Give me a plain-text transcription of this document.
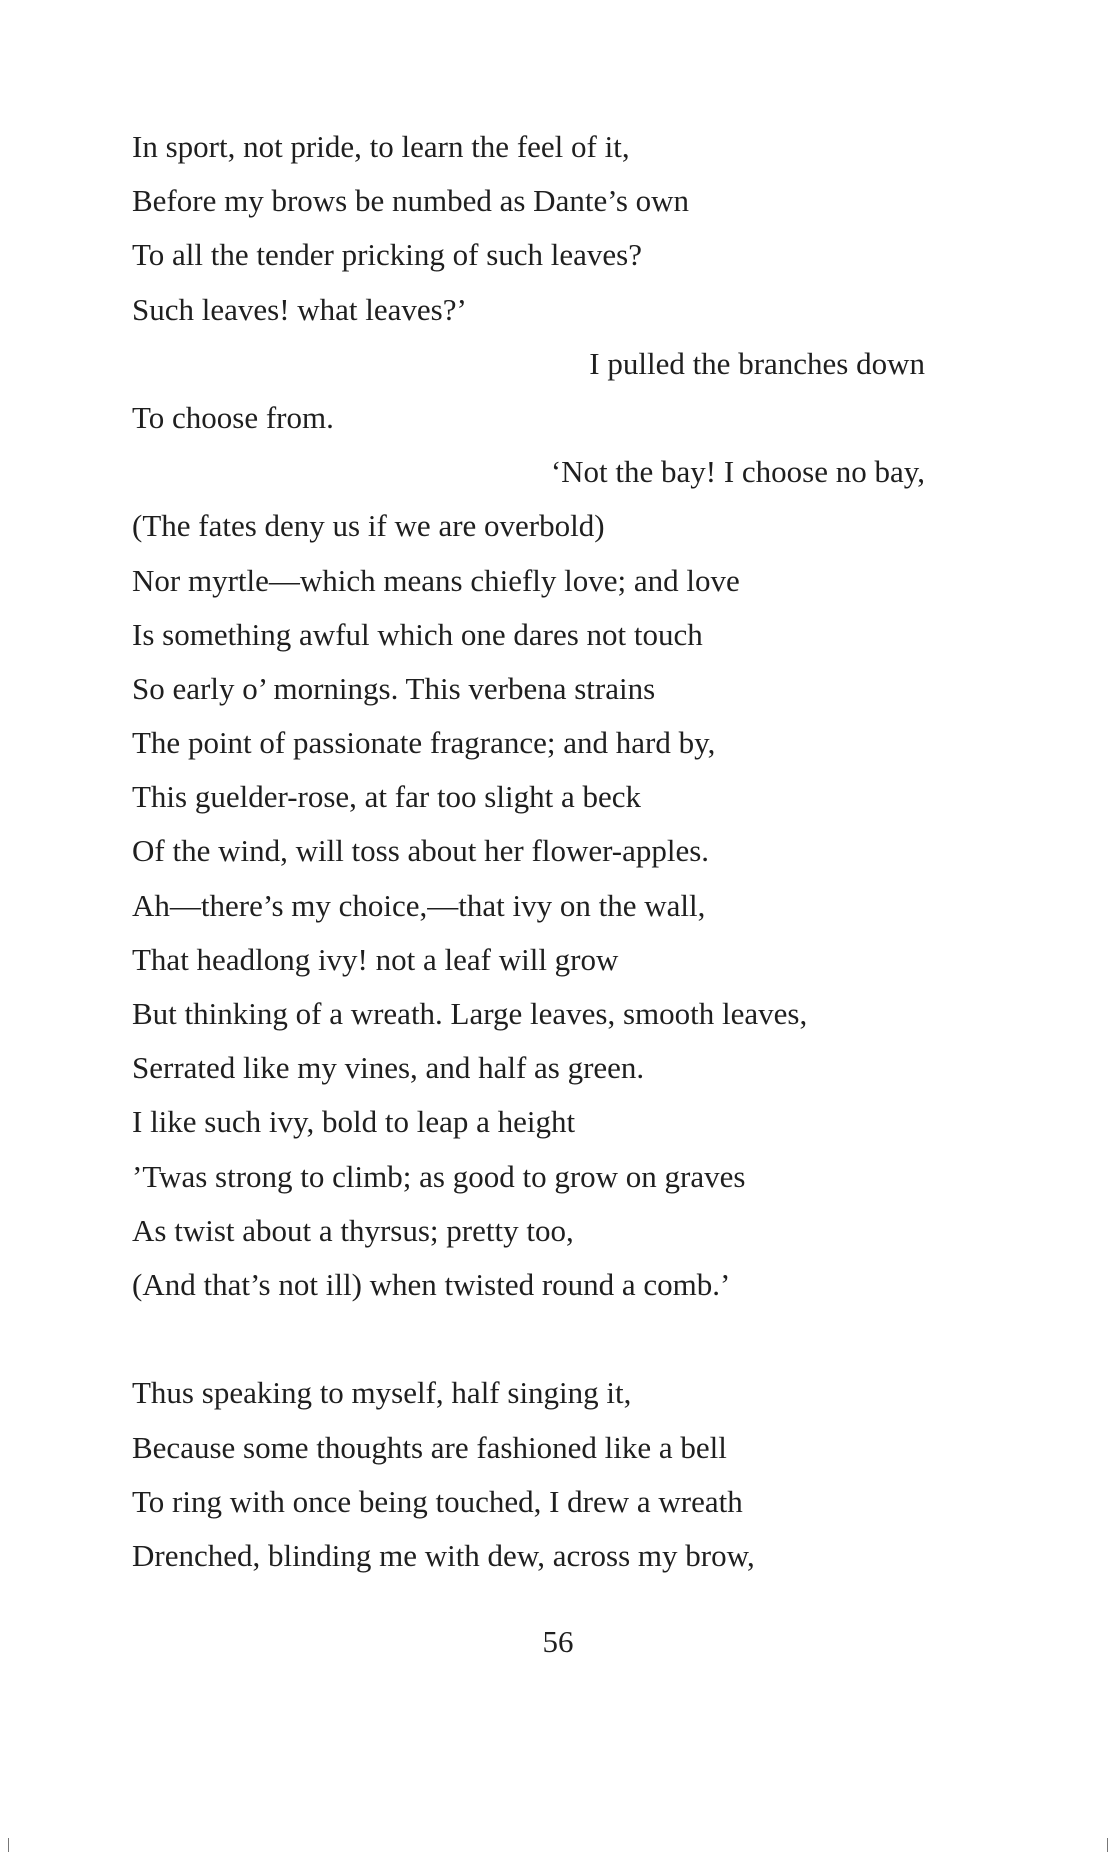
In sport, not pride, to learn the feel of it,
Before my brows be numbed as Dante’s own
To all the tender pricking of such leaves?
Such leaves! what leaves?’
I pulled the branches down
To choose from.
‘Not the bay! I choose no bay,
(The fates deny us if we are overbold)
Nor myrtle—which means chiefly love; and love
Is something awful which one dares not touch
So early o’ mornings. This verbena strains
The point of passionate fragrance; and hard by,
This guelder-rose, at far too slight a beck
Of the wind, will toss about her flower-apples.
Ah—there’s my choice,—that ivy on the wall,
That headlong ivy! not a leaf will grow
But thinking of a wreath. Large leaves, smooth leaves,
Serrated like my vines, and half as green.
I like such ivy, bold to leap a height
’Twas strong to climb; as good to grow on graves
As twist about a thyrsus; pretty too,
(And that’s not ill) when twisted round a comb.’
Thus speaking to myself, half singing it,
Because some thoughts are fashioned like a bell
To ring with once being touched, I drew a wreath
Drenched, blinding me with dew, across my brow,
56
